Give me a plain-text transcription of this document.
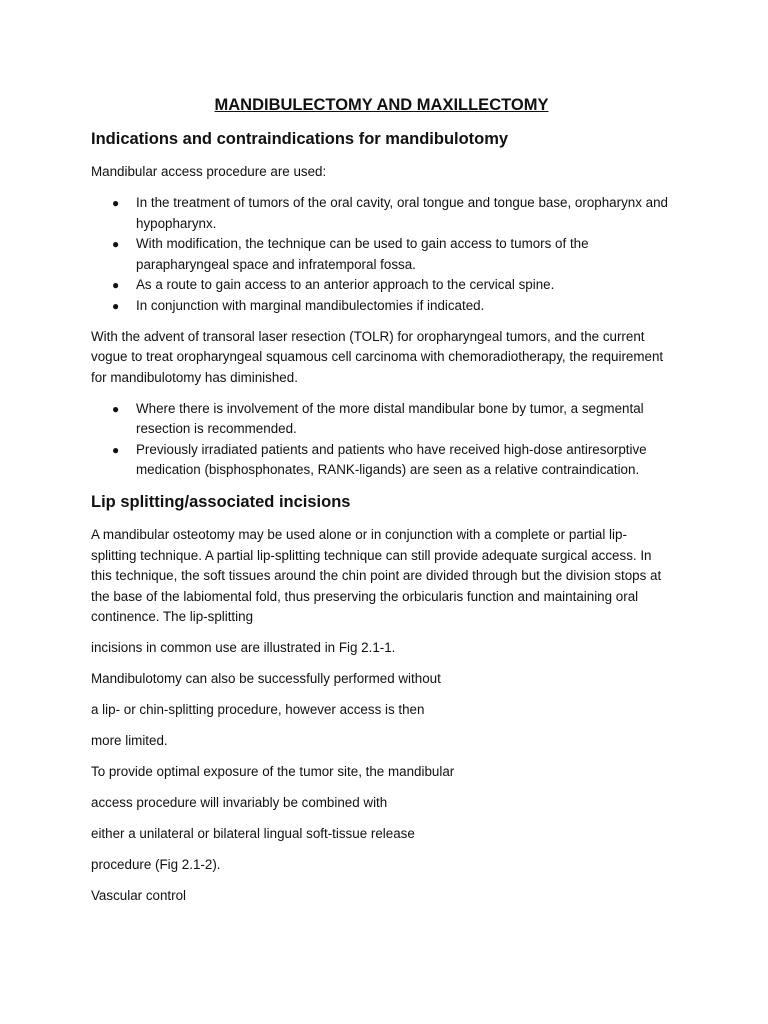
MANDIBULECTOMY AND MAXILLECTOMY
Indications and contraindications for mandibulotomy

Mandibular access procedure are used:

● In the treatment of tumors of the oral cavity, oral tongue and tongue base, oropharynx and hypopharynx.
● With modification, the technique can be used to gain access to tumors of the parapharyngeal space and infratemporal fossa.
● As a route to gain access to an anterior approach to the cervical spine.
● In conjunction with marginal mandibulectomies if indicated.

With the advent of transoral laser resection (TOLR) for oropharyngeal tumors, and the current vogue to treat oropharyngeal squamous cell carcinoma with chemoradiotherapy, the requirement for mandibulotomy has diminished.

● Where there is involvement of the more distal mandibular bone by tumor, a segmental resection is recommended.
● Previously irradiated patients and patients who have received high-dose antiresorptive medication (bisphosphonates, RANK-ligands) are seen as a relative contraindication.
Lip splitting/associated incisions

A mandibular osteotomy may be used alone or in conjunction with a complete or partial lip-splitting technique. A partial lip-splitting technique can still provide adequate surgical access. In this technique, the soft tissues around the chin point are divided through but the division stops at the base of the labiomental fold, thus preserving the orbicularis function and maintaining oral continence. The lip-splitting

incisions in common use are illustrated in Fig 2.1-1.

Mandibulotomy can also be successfully performed without

a lip- or chin-splitting procedure, however access is then

more limited.

To provide optimal exposure of the tumor site, the mandibular

access procedure will invariably be combined with

either a unilateral or bilateral lingual soft-tissue release

procedure (Fig 2.1-2).

Vascular control
